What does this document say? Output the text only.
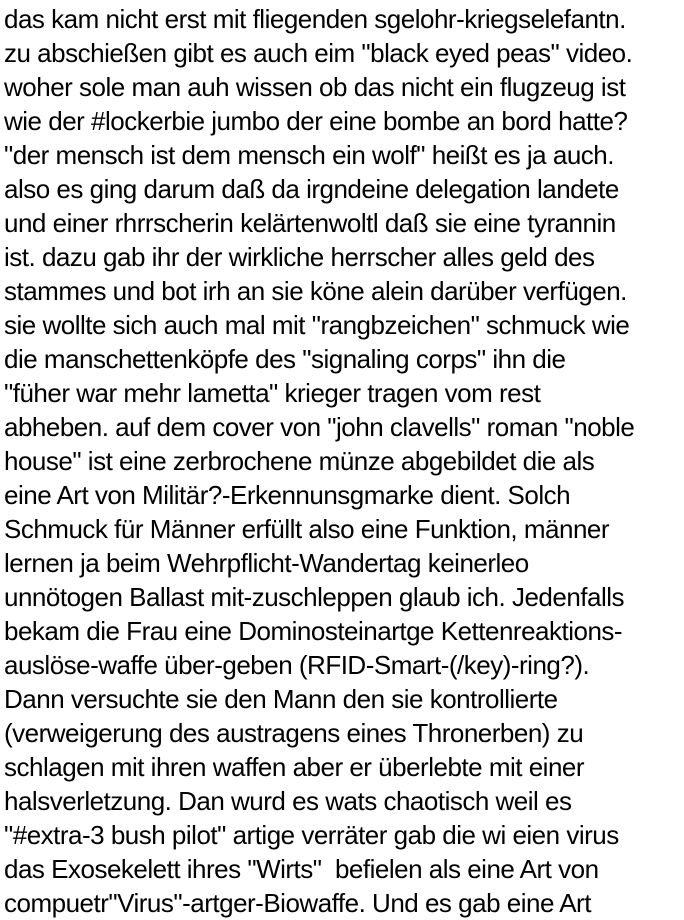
das kam nicht erst mit fliegenden sgelohr-kriegselefantn.
zu abschießen gibt es auch eim "black eyed peas" video.
woher sole man auh wissen ob das nicht ein flugzeug ist
wie der #lockerbie jumbo der eine bombe an bord hatte?
"der mensch ist dem mensch ein wolf" heißt es ja auch.
also es ging darum daß da irgndeine delegation landete
und einer rhrrscherin kelärtenwoltl daß sie eine tyrannin
ist. dazu gab ihr der wirkliche herrscher alles geld des
stammes und bot irh an sie köne alein darüber verfügen.
sie wollte sich auch mal mit "rangbzeichen" schmuck wie
die manschettenköpfe des "signaling corps" ihn die
"füher war mehr lametta" krieger tragen vom rest
abheben. auf dem cover von "john clavells" roman "noble
house" ist eine zerbrochene münze abgebildet die als
eine Art von Militär?-Erkennunsgmarke dient. Solch
Schmuck für Männer erfüllt also eine Funktion, männer
lernen ja beim Wehrpflicht-Wandertag keinerleo
unnötogen Ballast mit-zuschleppen glaub ich. Jedenfalls
bekam die Frau eine Dominosteinartge Kettenreaktions-
auslöse-waffe über-geben (RFID-Smart-(/key)-ring?).
Dann versuchte sie den Mann den sie kontrollierte
(verweigerung des austragens eines Thronerben) zu
schlagen mit ihren waffen aber er überlebte mit einer
halsverletzung. Dan wurd es wats chaotisch weil es
"#extra-3 bush pilot" artige verräter gab die wi eien virus
das Exosekelett ihres "Wirts"  befielen als eine Art von
compuetr"Virus"-artger-Biowaffe. Und es gab eine Art
